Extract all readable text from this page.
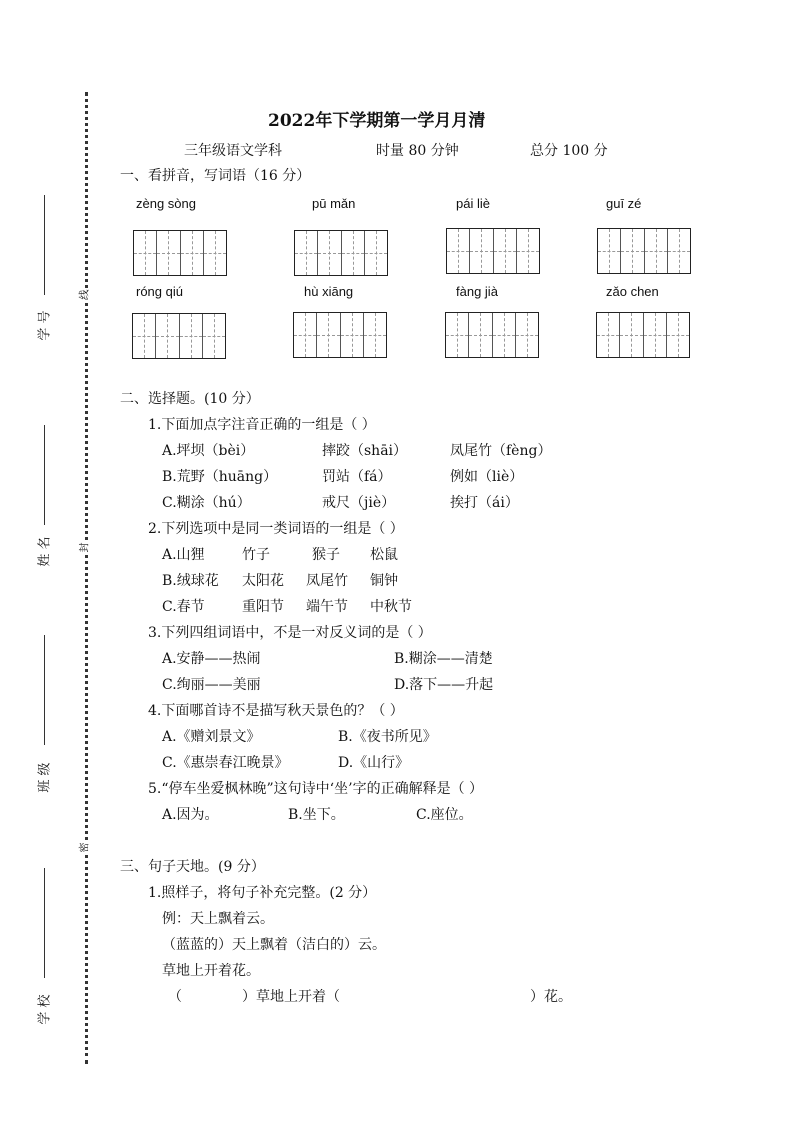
学 号
姓 名
班 级
学 校
线
封
密
2022年下学期第一学月月清
三年级语文学科	时量 80 分钟	总分 100 分
一、看拼音，写词语（16 分）
zèng sòng	pū mǎn	pái liè	guī zé
róng qiú	hù xiāng	fàng jià	zǎo chen
二、选择题。(10 分）
1.下面加点字注音正确的一组是（ ）
A.坪坝（bèi）	摔跤（shāi）	凤尾竹（fèng）
B.荒野（huāng）	罚站（fá）	例如（liè）
C.糊涂（hú）	戒尺（jiè）	挨打（ái）
2.下列选项中是同一类词语的一组是（ ）
A.山狸	竹子	猴子 松鼠
B.绒球花 太阳花 凤尾竹 铜钟
C.春节	重阳节 端午节 中秋节
3.下列四组词语中，不是一对反义词的是（ ）
A.安静——热闹	B.糊涂——清楚
C.绚丽——美丽	D.落下——升起
4.下面哪首诗不是描写秋天景色的？（ ）
A.《赠刘景文》	B.《夜书所见》
C.《惠崇春江晚景》	D.《山行》
5.“停车坐爱枫林晚”这句诗中‘坐’字的正确解释是（ ）
A.因为。	B.坐下。	C.座位。
三、句子天地。(9 分）
1.照样子，将句子补充完整。(2 分）
例：天上飘着云。
（蓝蓝的）天上飘着（洁白的）云。
草地上开着花。
（	）草地上开着（	）花。
